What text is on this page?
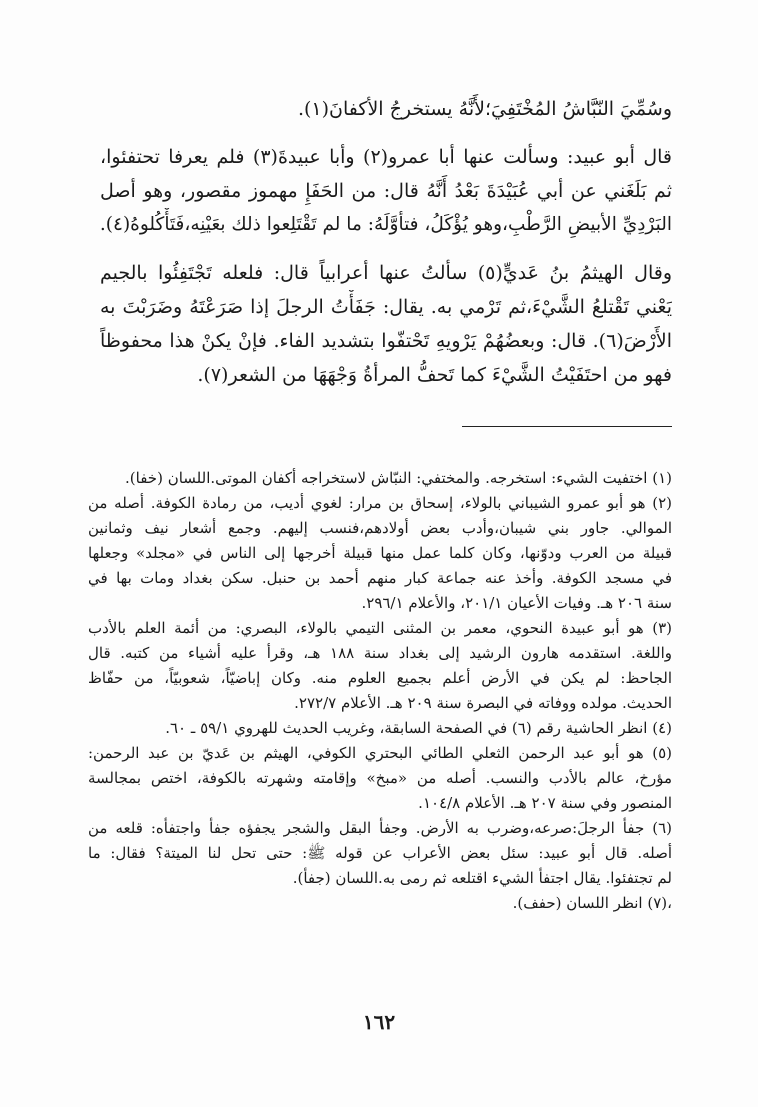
وسُمِّيَ النّبَّاشُ المُخْتَفِيَ؛لأَنَّهُ يستخرجُ الأكفانَ(١).
قال أبو عبيد: وسألت عنها أبا عمرو(٢) وأبا عبيدةَ(٣) فلم يعرفا تحتفئوا،
ثم بَلَغَني عن أبي عُبَيْدَةَ بَعْدُ أَنَّهُ قال: من الحَفَإِ مهموز مقصور، وهو أصل
البَرْدِيِّ الأبيضِ الرَّطْبِ،وهو يُؤْكَلُ، فتأوَّلَهُ: ما لم تَقْتَلِعوا ذلك بعَيْنِه،فَتَأْكُلوهُ(٤).
وقال الهيثمُ بنُ عَديٍّ(٥) سألتُ عنها أعرابياً قال: فلعله تَجْتَفِئُوا بالجيم
يَعْني تَقْتلعُ الشَّيْءَ،ثم تَرْمي به. يقال: جَفَأْتُ الرجلَ إذا صَرَعْتَهُ وضَرَبْتَ به
الأَرْضَ(٦). قال: وبعضُهُمْ يَرْويهِ تَحْتفّوا بتشديد الفاء. فإنْ يكنْ هذا محفوظاً
فهو من احتَفَيْتُ الشَّيْءَ كما تَحفُّ المرأةُ وَجْهَهَا من الشعر(٧).
(١) اختفيت الشيء: استخرجه. والمختفي: النبّاش لاستخراجه أكفان الموتى.اللسان (خفا).
(٢) هو أبو عمرو الشيباني بالولاء، إسحاق بن مرار: لغوي أديب، من رمادة الكوفة. أصله من
الموالي. جاور بني شيبان،وأدب بعض أولادهم،فنسب إليهم. وجمع أشعار نيف وثمانين
قبيلة من العرب ودوّنها، وكان كلما عمل منها قبيلة أخرجها إلى الناس في «مجلد» وجعلها
في مسجد الكوفة. وأخذ عنه جماعة كبار منهم أحمد بن حنبل. سكن بغداد ومات بها في
سنة ٢٠٦ هـ. وفيات الأعيان ٢٠١/١، والأعلام ٢٩٦/١.
(٣) هو أبو عبيدة النحوي، معمر بن المثنى التيمي بالولاء، البصري: من أئمة العلم بالأدب
واللغة. استقدمه هارون الرشيد إلى بغداد سنة ١٨٨ هـ، وقرأ عليه أشياء من كتبه. قال
الجاحظ: لم يكن في الأرض أعلم بجميع العلوم منه. وكان إباضيّاً، شعوبيّاً، من حفّاظ
الحديث. مولده ووفاته في البصرة سنة ٢٠٩ هـ. الأعلام ٢٧٢/٧.
(٤) انظر الحاشية رقم (٦) في الصفحة السابقة، وغريب الحديث للهروي ٥٩/١ ـ ٦٠.
(٥) هو أبو عبد الرحمن الثعلي الطائي البحتري الكوفي، الهيثم بن عَديّ بن عبد الرحمن:
مؤرخ، عالم بالأدب والنسب. أصله من «مبخ» وإقامته وشهرته بالكوفة، اختص بمجالسة
المنصور وفي سنة ٢٠٧ هـ. الأعلام ١٠٤/٨.
(٦) جفأ الرجلَ:صرعه،وضرب به الأرض. وجفأ البقل والشجر يجفؤه جفأ واجتفأه: قلعه من
أصله. قال أبو عبيد: سئل بعض الأعراب عن قوله ﷺ: حتى تحل لنا الميتة؟ فقال: ما
لم تجتفئوا. يقال اجتفأ الشيء اقتلعه ثم رمى به.اللسان (جفأ).
،(٧) انظر اللسان (حفف).
١٦٢
